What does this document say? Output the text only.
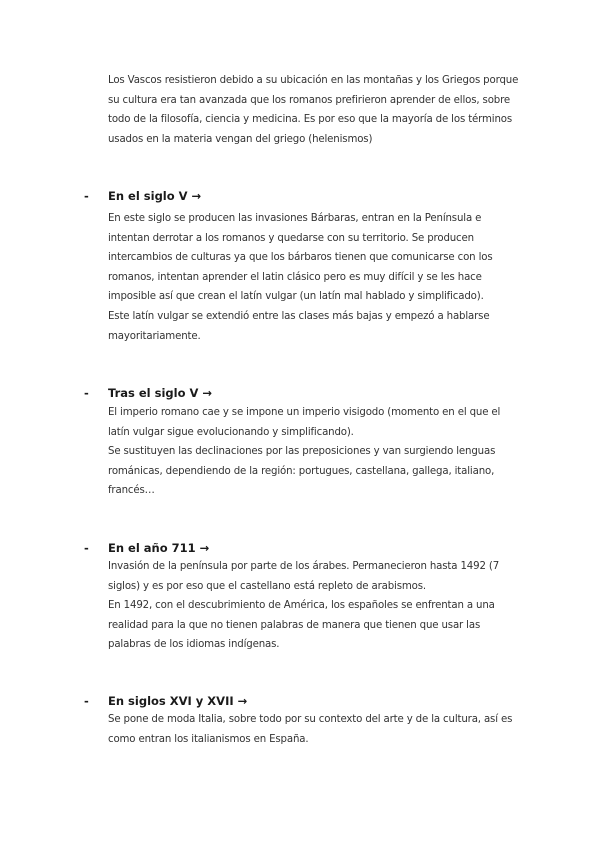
Los Vascos resistieron debido a su ubicación en las montañas y los Griegos porque
su cultura era tan avanzada que los romanos prefirieron aprender de ellos, sobre
todo de la filosofía, ciencia y medicina. Es por eso que la mayoría de los términos
usados en la materia vengan del griego (helenismos)
- En el siglo V →
En este siglo se producen las invasiones Bárbaras, entran en la Península e
intentan derrotar a los romanos y quedarse con su territorio. Se producen
intercambios de culturas ya que los bárbaros tienen que comunicarse con los
romanos, intentan aprender el latin clásico pero es muy difícil y se les hace
imposible así que crean el latín vulgar (un latín mal hablado y simplificado).
Este latín vulgar se extendió entre las clases más bajas y empezó a hablarse
mayoritariamente.
- Tras el siglo V →
El imperio romano cae y se impone un imperio visigodo (momento en el que el
latín vulgar sigue evolucionando y simplificando).
Se sustituyen las declinaciones por las preposiciones y van surgiendo lenguas
románicas, dependiendo de la región: portugues, castellana, gallega, italiano,
francés…
- En el año 711 →
Invasión de la península por parte de los árabes. Permanecieron hasta 1492 (7
siglos) y es por eso que el castellano está repleto de arabismos.
En 1492, con el descubrimiento de América, los españoles se enfrentan a una
realidad para la que no tienen palabras de manera que tienen que usar las
palabras de los idiomas indígenas.
- En siglos XVI y XVII →
Se pone de moda Italia, sobre todo por su contexto del arte y de la cultura, así es
como entran los italianismos en España.
